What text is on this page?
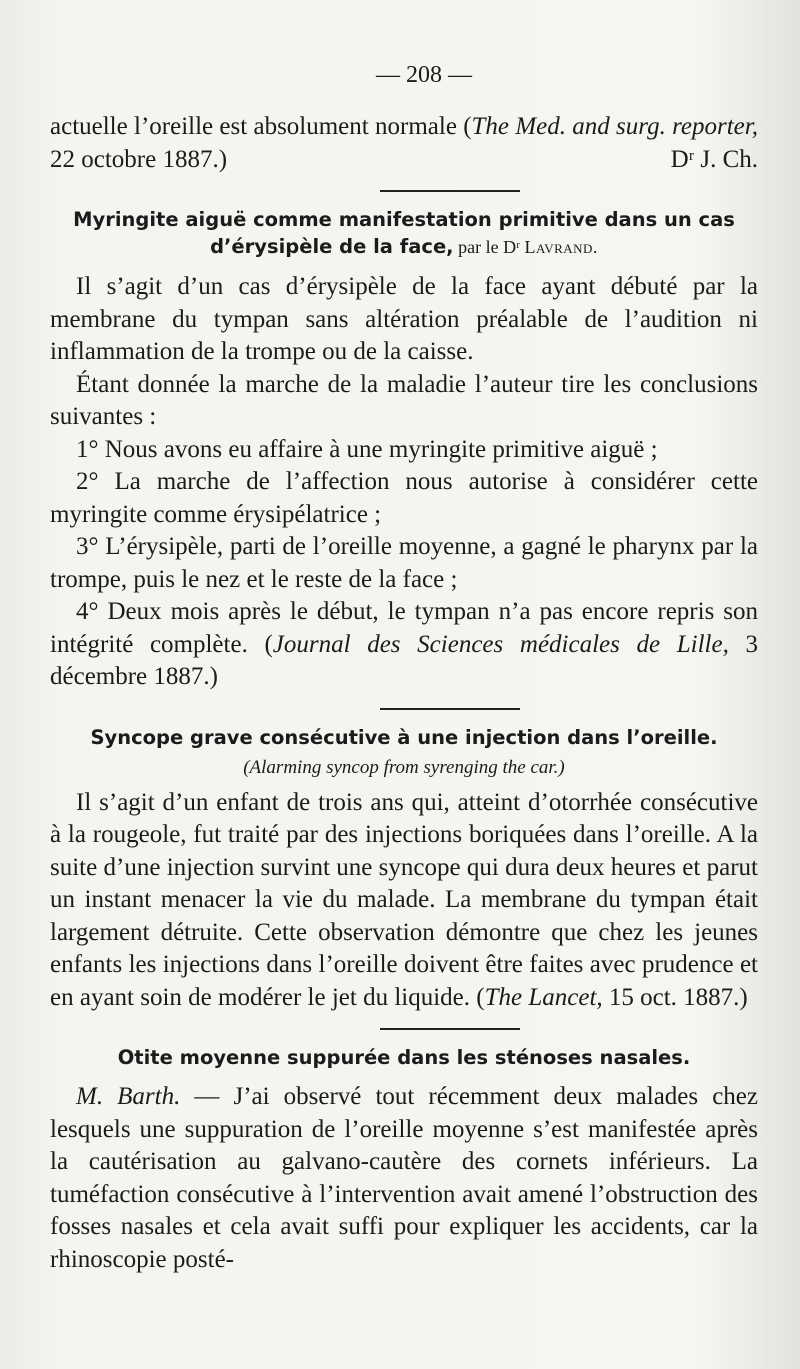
— 208 —

actuelle l’oreille est absolument normale (The Med. and surg. reporter, 22 octobre 1887.)	Dʳ J. Ch.

Myringite aiguë comme manifestation primitive dans un cas d’érysipèle de la face, par le Dʳ Lavrand.

Il s’agit d’un cas d’érysipèle de la face ayant débuté par la membrane du tympan sans altération préalable de l’audition ni inflammation de la trompe ou de la caisse.

Étant donnée la marche de la maladie l’auteur tire les conclusions suivantes :

1° Nous avons eu affaire à une myringite primitive aiguë ;

2° La marche de l’affection nous autorise à considérer cette myringite comme érysipélatrice ;

3° L’érysipèle, parti de l’oreille moyenne, a gagné le pharynx par la trompe, puis le nez et le reste de la face ;

4° Deux mois après le début, le tympan n’a pas encore repris son intégrité complète. (Journal des Sciences médicales de Lille, 3 décembre 1887.)

Syncope grave consécutive à une injection dans l’oreille.
(Alarming syncop from syrenging the car.)

Il s’agit d’un enfant de trois ans qui, atteint d’otorrhée consécutive à la rougeole, fut traité par des injections boriquées dans l’oreille. A la suite d’une injection survint une syncope qui dura deux heures et parut un instant menacer la vie du malade. La membrane du tympan était largement détruite. Cette observation démontre que chez les jeunes enfants les injections dans l’oreille doivent être faites avec prudence et en ayant soin de modérer le jet du liquide. (The Lancet, 15 oct. 1887.)

Otite moyenne suppurée dans les sténoses nasales.

M. Barth. — J’ai observé tout récemment deux malades chez lesquels une suppuration de l’oreille moyenne s’est manifestée après la cautérisation au galvano-cautère des cornets inférieurs. La tuméfaction consécutive à l’intervention avait amené l’obstruction des fosses nasales et cela avait suffi pour expliquer les accidents, car la rhinoscopie posté-
